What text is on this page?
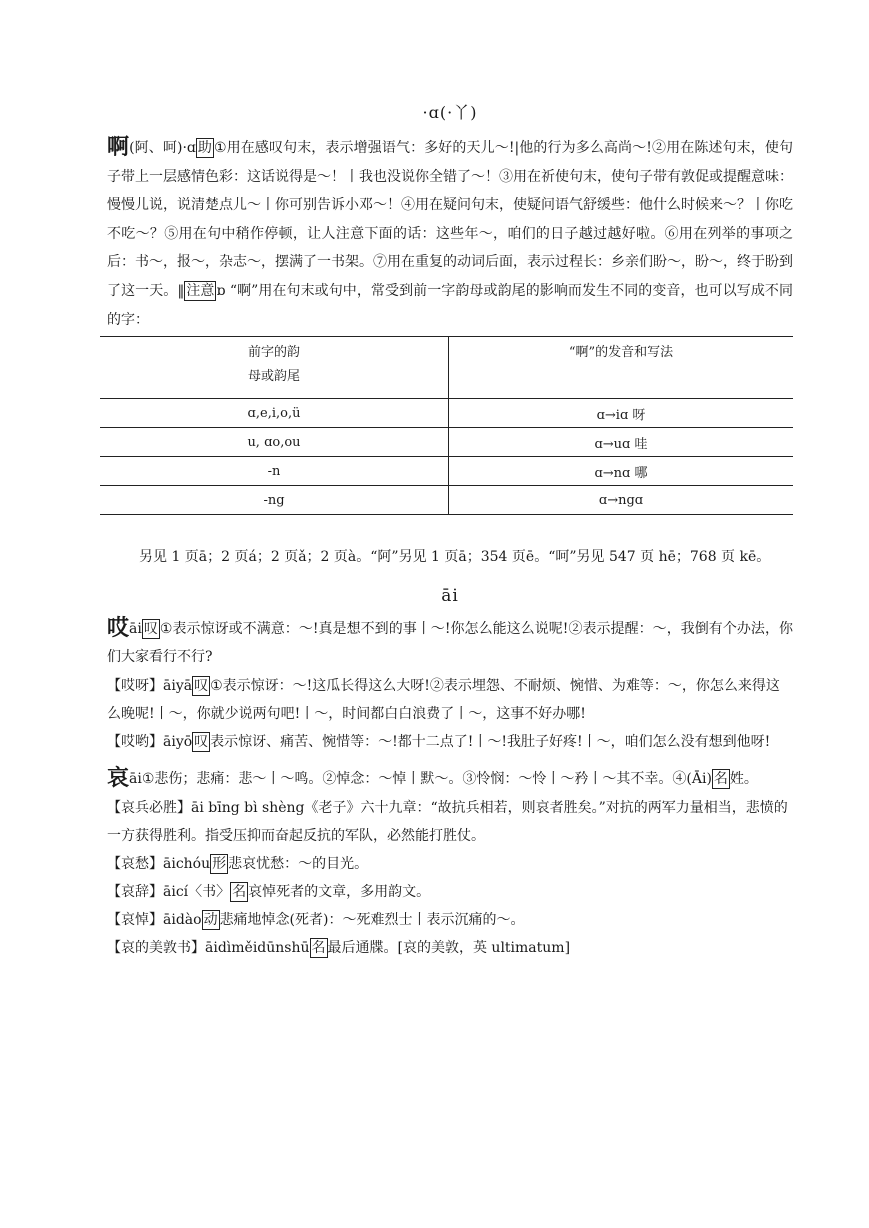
·ɑ(·丫)

啊(阿、呵)·ɑ 助 ①用在感叹句末，表示增强语气：多好的天儿～!|他的行为多么高尚～!②用在陈述句末，使句子带上一层感情色彩：这话说得是～！丨我也没说你全错了～！③用在祈使句末，使句子带有敦促或提醒意味：慢慢儿说，说清楚点儿～丨你可别告诉小邓～！④用在疑问句末，使疑问语气舒缓些：他什么时候来～？丨你吃不吃～？⑤用在句中稍作停顿，让人注意下面的话：这些年～，咱们的日子越过越好啦。⑥用在列举的事项之后：书～，报～，杂志～，摆满了一书架。⑦用在重复的动词后面，表示过程长：乡亲们盼～，盼～，终于盼到了这一天。‖ 注意 ɒ “啊”用在句末或句中，常受到前一字韵母或韵尾的影响而发生不同的变音，也可以写成不同的字：

前字的韵
母或韵尾	“啊”的发音和写法
ɑ,e,i,o,ü	ɑ→iɑ 呀
u, ɑo,ou	ɑ→uɑ 哇
-n	ɑ→nɑ 哪
-ng	ɑ→ngɑ

另见 1 页ā；2 页á；2 页ǎ；2 页à。“阿”另见 1 页ā；354 页ē。“呵”另见 547 页 hē；768 页 kē。

āi

哎āi 叹 ①表示惊讶或不满意：～!真是想不到的事丨～!你怎么能这么说呢!②表示提醒：～，我倒有个办法，你们大家看行不行?

【哎呀】āiyā 叹 ①表示惊讶：～!这瓜长得这么大呀!②表示埋怨、不耐烦、惋惜、为难等：～，你怎么来得这么晚呢!丨～，你就少说两句吧!丨～，时间都白白浪费了丨～，这事不好办哪!

【哎哟】āiyō 叹 表示惊讶、痛苦、惋惜等：～!都十二点了!丨～!我肚子好疼!丨～，咱们怎么没有想到他呀!

哀āi①悲伤；悲痛：悲～丨～鸣。②悼念：～悼丨默～。③怜悯：～怜丨～矜丨～其不幸。④(Āi) 名 姓。

【哀兵必胜】āi bīng bì shèng《老子》六十九章：“故抗兵相若，则哀者胜矣。”对抗的两军力量相当，悲愤的一方获得胜利。指受压抑而奋起反抗的军队，必然能打胜仗。

【哀愁】āichóu 形 悲哀忧愁：～的目光。

【哀辞】āicí〈书〉 名 哀悼死者的文章，多用韵文。

【哀悼】āidào 动 悲痛地悼念(死者)：～死难烈士丨表示沉痛的～。

【哀的美敦书】āidìměidūnshū 名 最后通牒。[哀的美敦，英 ultimatum]
